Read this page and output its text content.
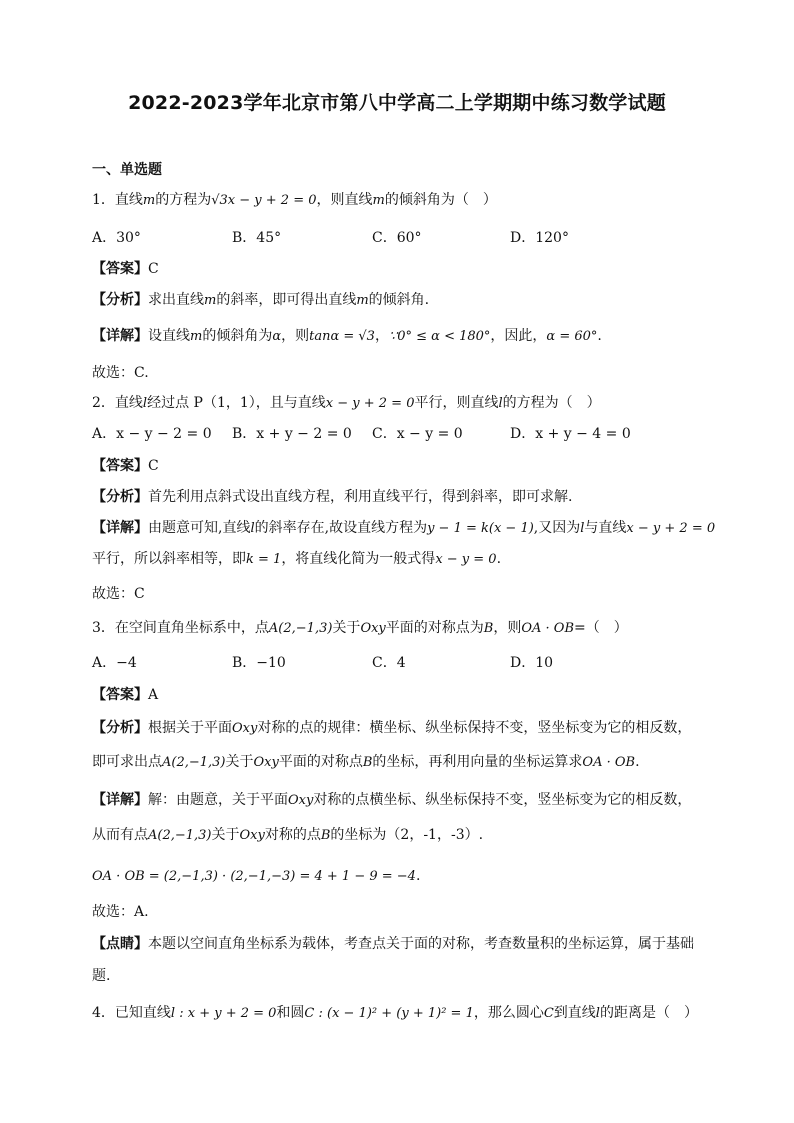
2022-2023学年北京市第八中学高二上学期期中练习数学试题
一、单选题
1．直线m的方程为√3x − y + 2 = 0，则直线m的倾斜角为（　）
A．30°	B．45°	C．60°	D．120°
【答案】C
【分析】求出直线m的斜率，即可得出直线m的倾斜角.
【详解】设直线m的倾斜角为α，则tanα = √3，∵0° ≤ α < 180°，因此，α = 60°.
故选：C.
2．直线l经过点 P（1，1），且与直线x − y + 2 = 0平行，则直线l的方程为（　）
A．x − y − 2 = 0 B．x + y − 2 = 0 C．x − y = 0	D．x + y − 4 = 0
【答案】C
【分析】首先利用点斜式设出直线方程，利用直线平行，得到斜率，即可求解.
【详解】由题意可知,直线l的斜率存在,故设直线方程为y − 1 = k(x − 1),又因为l与直线x − y + 2 = 0
平行，所以斜率相等，即k = 1，将直线化简为一般式得x − y = 0.
故选：C
3．在空间直角坐标系中，点A(2,−1,3)关于Oxy平面的对称点为B，则OA · OB=（　）
A．−4	B．−10	C．4	D．10
【答案】A
【分析】根据关于平面Oxy对称的点的规律：横坐标、纵坐标保持不变，竖坐标变为它的相反数，
即可求出点A(2,−1,3)关于Oxy平面的对称点B的坐标，再利用向量的坐标运算求OA · OB.
【详解】解：由题意，关于平面Oxy对称的点横坐标、纵坐标保持不变，竖坐标变为它的相反数，
从而有点A(2,−1,3)关于Oxy对称的点B的坐标为（2，-1，-3）.
OA · OB = (2,−1,3) · (2,−1,−3) = 4 + 1 − 9 = −4.
故选：A.
【点睛】本题以空间直角坐标系为载体，考查点关于面的对称，考查数量积的坐标运算，属于基础
题.
4．已知直线l : x + y + 2 = 0和圆C : (x − 1)² + (y + 1)² = 1，那么圆心C到直线l的距离是（　）
